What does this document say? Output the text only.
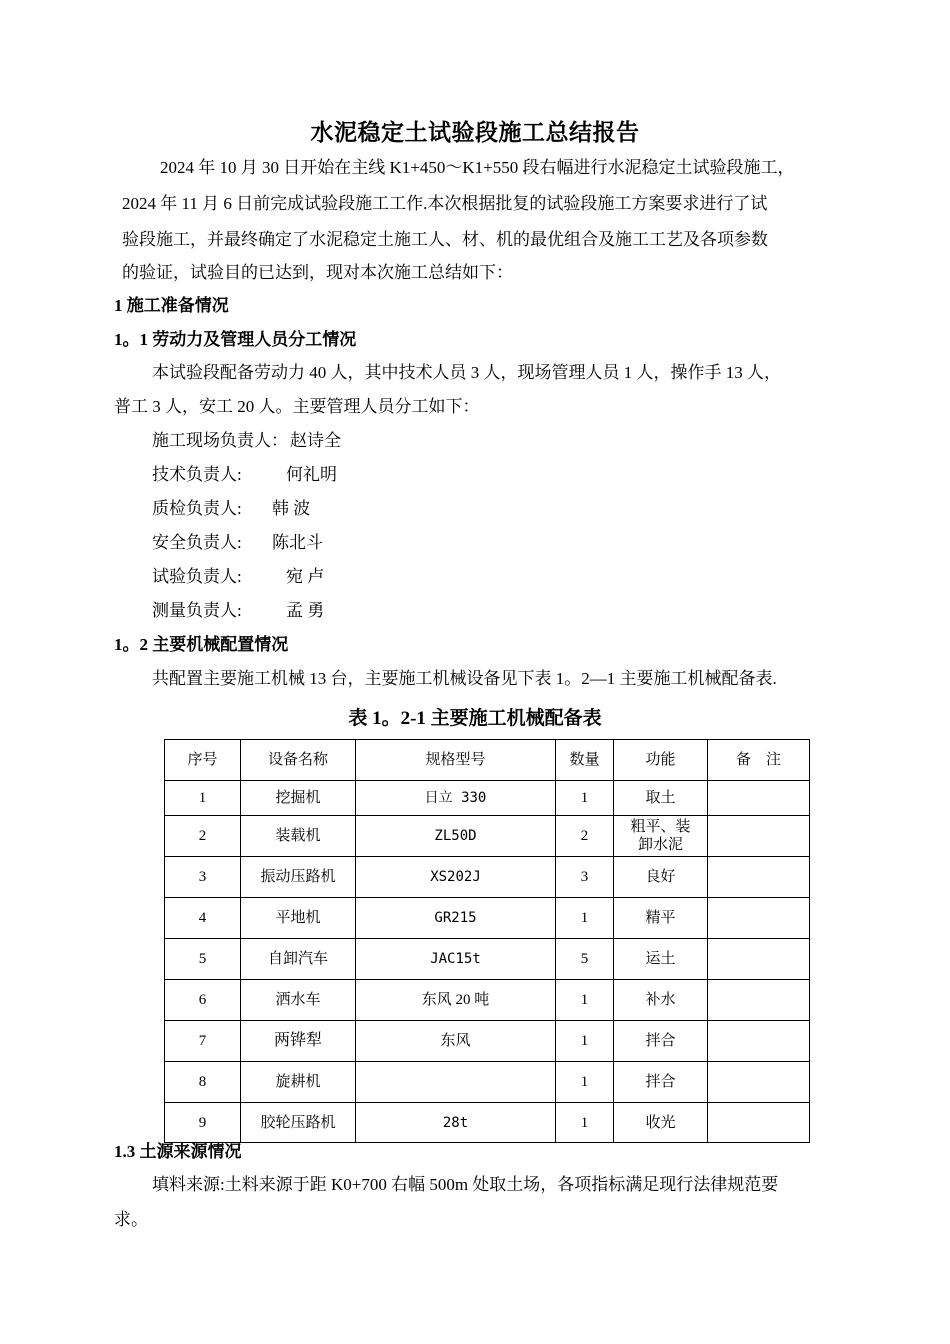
水泥稳定土试验段施工总结报告
2024 年 10 月 30 日开始在主线 K1+450～K1+550 段右幅进行水泥稳定土试验段施工，
2024 年 11 月 6 日前完成试验段施工工作.本次根据批复的试验段施工方案要求进行了试
验段施工，并最终确定了水泥稳定土施工人、材、机的最优组合及施工工艺及各项参数
的验证，试验目的已达到，现对本次施工总结如下：
1 施工准备情况
1。1 劳动力及管理人员分工情况
本试验段配备劳动力 40 人，其中技术人员 3 人，现场管理人员 1 人，操作手 13 人，
普工 3 人，安工 20 人。主要管理人员分工如下：
施工现场负责人： 赵诗全
技术负责人:	何礼明
质检负责人: 韩 波
安全负责人: 陈北斗
试验负责人:	宛 卢
测量负责人:	孟 勇
1。2 主要机械配置情况
共配置主要施工机械 13 台，主要施工机械设备见下表 1。2—1 主要施工机械配备表.
表 1。2-1 主要施工机械配备表
序号	设备名称	规格型号	数量	功能	备    注
1	挖掘机	日立 330	1	取土	
2	装载机	ZL50D	2	粗平、装卸水泥	
3	振动压路机	XS202J	3	良好	
4	平地机	GR215	1	精平	
5	自卸汽车	JAC15t	5	运土	
6	洒水车	东风 20 吨	1	补水	
7	两铧犁	东风	1	拌合	
8	旋耕机		1	拌合	
9	胶轮压路机	28t	1	收光	
1.3 土源来源情况
填料来源:土料来源于距 K0+700 右幅 500m 处取土场，各项指标满足现行法律规范要
求。
